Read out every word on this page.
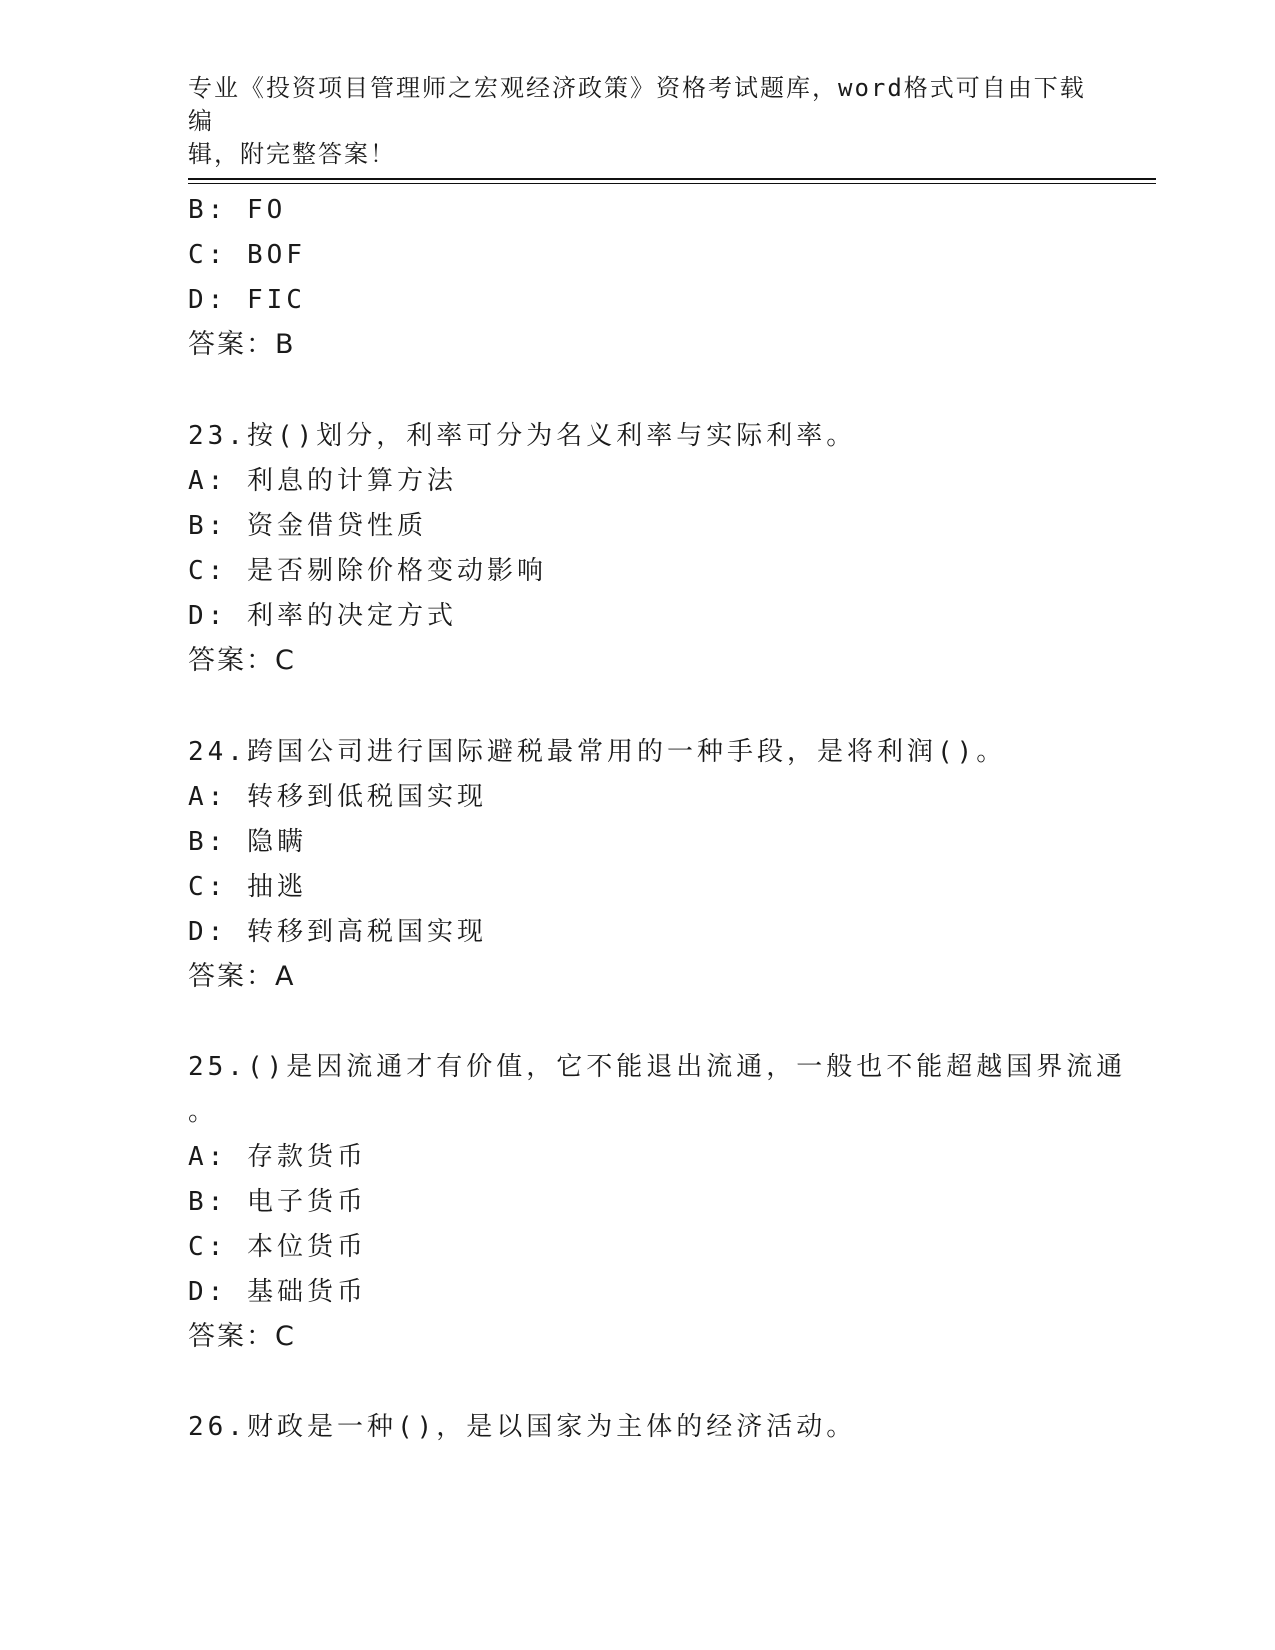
专业《投资项目管理师之宏观经济政策》资格考试题库，word格式可自由下载编
辑，附完整答案！
B: FO
C: BOF
D: FIC
答案：B
23.按()划分，利率可分为名义利率与实际利率。
A: 利息的计算方法
B: 资金借贷性质
C: 是否剔除价格变动影响
D: 利率的决定方式
答案：C
24.跨国公司进行国际避税最常用的一种手段，是将利润()。
A: 转移到低税国实现
B: 隐瞒
C: 抽逃
D: 转移到高税国实现
答案：A
25.()是因流通才有价值，它不能退出流通，一般也不能超越国界流通
。
A: 存款货币
B: 电子货币
C: 本位货币
D: 基础货币
答案：C
26.财政是一种()，是以国家为主体的经济活动。
